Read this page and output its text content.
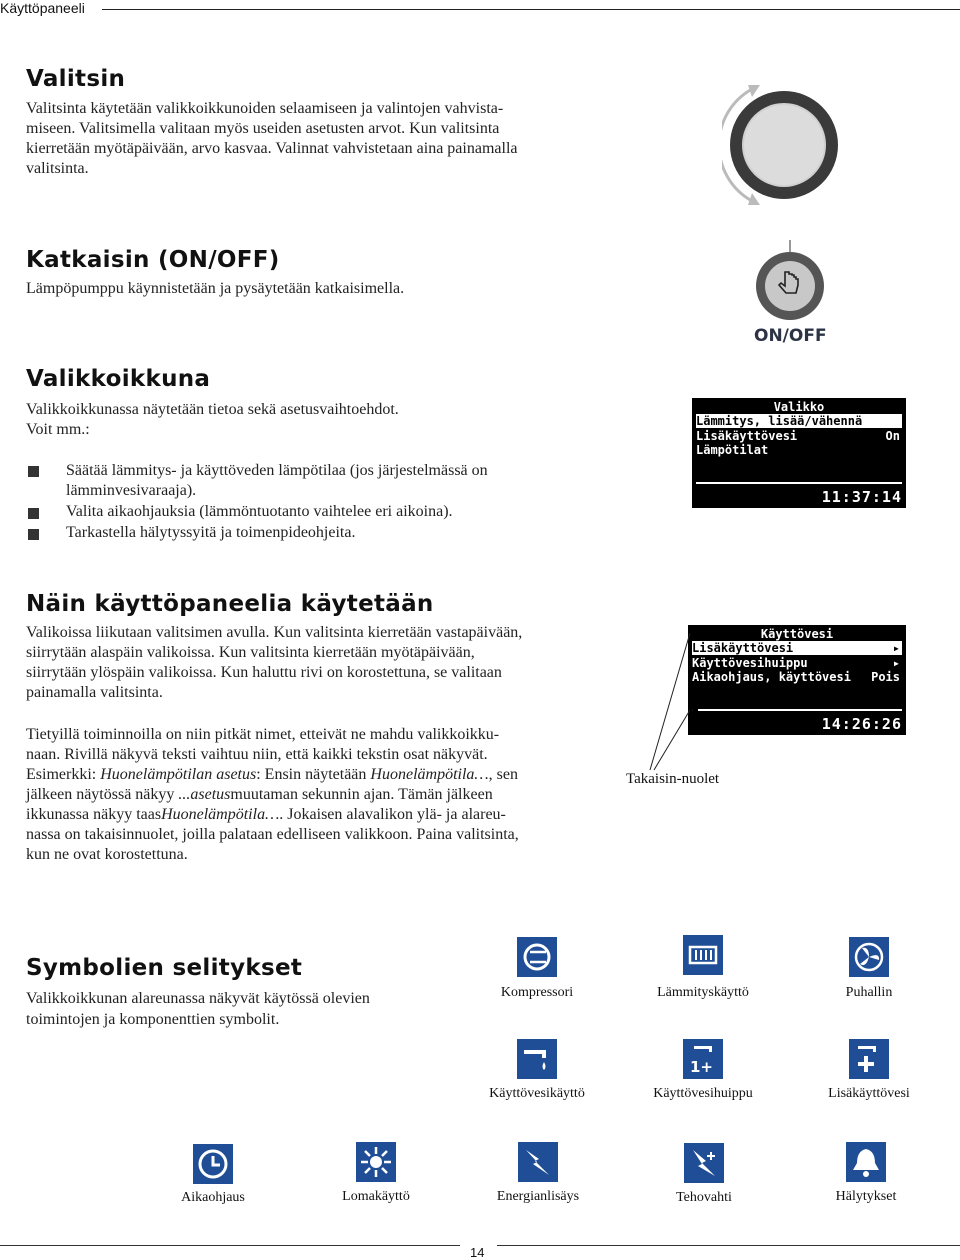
Käyttöpaneeli
Valitsin
Valitsinta käytetään valikkoikkunoiden selaamiseen ja valintojen vahvista-
miseen. Valitsimella valitaan myös useiden asetusten arvot. Kun valitsinta
kierretään myötäpäivään, arvo kasvaa. Valinnat vahvistetaan aina painamalla
valitsinta.
Katkaisin (ON/OFF)
Lämpöpumppu käynnistetään ja pysäytetään katkaisimella.
ON/OFF
Valikkoikkuna
Valikkoikkunassa näytetään tietoa sekä asetusvaihtoehdot.
Voit mm.:
Säätää lämmitys- ja käyttöveden lämpötilaa (jos järjestelmässä on
lämminvesivaraaja).
Valita aikaohjauksia (lämmöntuotanto vaihtelee eri aikoina).
Tarkastella hälytyssyitä ja toimenpideohjeita.
Valikko
Lämmitys, lisää/vähennä
Lisäkäyttövesi	On
Lämpötilat
11:37:14
Näin käyttöpaneelia käytetään
Valikoissa liikutaan valitsimen avulla. Kun valitsinta kierretään vastapäivään,
siirrytään alaspäin valikoissa. Kun valitsinta kierretään myötäpäivään,
siirrytään ylöspäin valikoissa. Kun haluttu rivi on korostettuna, se valitaan
painamalla valitsinta.
Tietyillä toiminnoilla on niin pitkät nimet, etteivät ne mahdu valikkoikku-
naan. Rivillä näkyvä teksti vaihtuu niin, että kaikki tekstin osat näkyvät.
Esimerkki: Huonelämpötilan asetus: Ensin näytetään Huonelämpötila…, sen
jälkeen näytössä näkyy ...asetusmuutaman sekunnin ajan. Tämän jälkeen
ikkunassa näkyy taasHuonelämpötila…. Jokaisen alavalikon ylä- ja alareu-
nassa on takaisinnuolet, joilla palataan edelliseen valikkoon. Paina valitsinta,
kun ne ovat korostettuna.
Käyttövesi
Lisäkäyttövesi	▸
Käyttövesihuippu	▸
Aikaohjaus, käyttövesi Pois
14:26:26
Takaisin-nuolet
Symbolien selitykset
Valikkoikkunan alareunassa näkyvät käytössä olevien
toimintojen ja komponenttien symbolit.
Kompressori	Lämmityskäyttö	Puhallin
Käyttövesikäyttö
1+
Käyttövesihuippu	Lisäkäyttövesi
Aikaohjaus	Lomakäyttö	Energianlisäys	Tehovahti	Hälytykset
14
